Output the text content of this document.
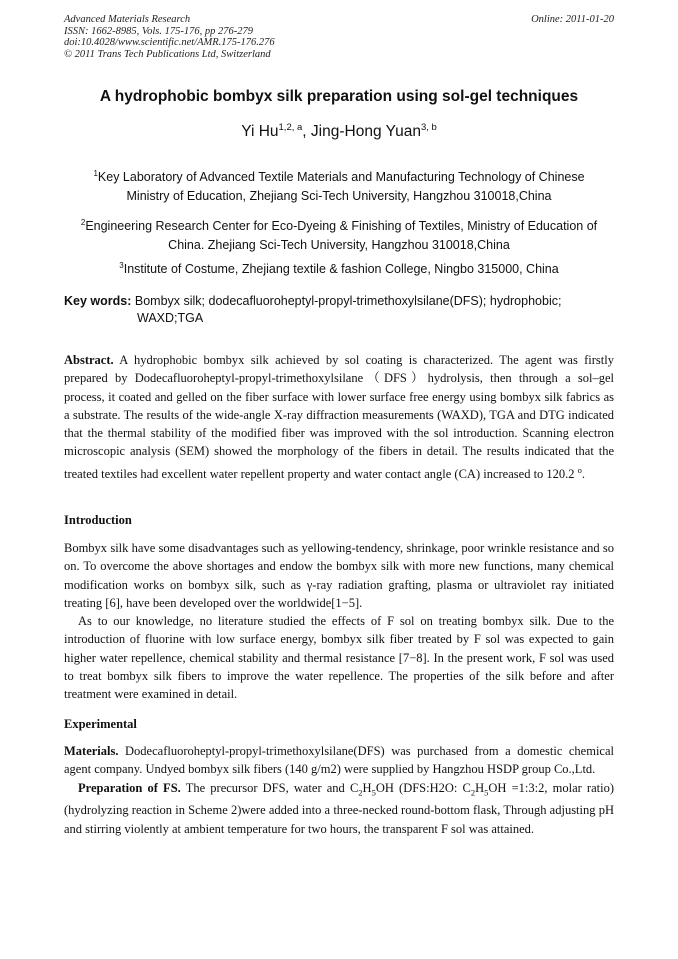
Advanced Materials Research
ISSN: 1662-8985, Vols. 175-176, pp 276-279
doi:10.4028/www.scientific.net/AMR.175-176.276
© 2011 Trans Tech Publications Ltd, Switzerland
Online: 2011-01-20
A hydrophobic bombyx silk preparation using sol-gel techniques
Yi Hu$^{1,2, a}$, Jing-Hong Yuan$^{3, b}$
$^1$Key Laboratory of Advanced Textile Materials and Manufacturing Technology of Chinese
Ministry of Education, Zhejiang Sci-Tech University, Hangzhou 310018,China
$^2$Engineering Research Center for Eco-Dyeing & Finishing of Textiles, Ministry of Education of
China. Zhejiang Sci-Tech University, Hangzhou 310018,China
$^3$Institute of Costume, Zhejiang textile & fashion College, Ningbo 315000, China
Key words: Bombyx silk; dodecafluoroheptyl-propyl-trimethoxylsilane(DFS); hydrophobic;
WAXD;TGA
Abstract. A hydrophobic bombyx silk achieved by sol coating is characterized. The agent was firstly prepared by Dodecafluoroheptyl-propyl-trimethoxylsilane（DFS）hydrolysis, then through a sol–gel process, it coated and gelled on the fiber surface with lower surface free energy using bombyx silk fabrics as a substrate. The results of the wide-angle X-ray diffraction measurements (WAXD), TGA and DTG indicated that the thermal stability of the modified fiber was improved with the sol introduction. Scanning electron microscopic analysis (SEM) showed the morphology of the fibers in detail. The results indicated that the treated textiles had excellent water repellent property and water contact angle (CA) increased to 120.2 $^o$.
Introduction

Bombyx silk have some disadvantages such as yellowing-tendency, shrinkage, poor wrinkle resistance and so on. To overcome the above shortages and endow the bombyx silk with more new functions, many chemical modification works on bombyx silk, such as γ-ray radiation grafting, plasma or ultraviolet ray initiated treating [6], have been developed over the worldwide[1−5].

As to our knowledge, no literature studied the effects of F sol on treating bombyx silk. Due to the introduction of fluorine with low surface energy, bombyx silk fiber treated by F sol was expected to gain higher water repellence, chemical stability and thermal resistance [7−8]. In the present work, F sol was used to treat bombyx silk fibers to improve the water repellence. The properties of the silk before and after treatment were examined in detail.

Experimental

Materials. Dodecafluoroheptyl-propyl-trimethoxylsilane(DFS) was purchased from a domestic chemical agent company. Undyed bombyx silk fibers (140 g/m2) were supplied by Hangzhou HSDP group Co.,Ltd.

Preparation of FS. The precursor DFS, water and $C_2H_5OH$ (DFS:H2O: $C_2H_5OH$ =1:3:2, molar ratio) (hydrolyzing reaction in Scheme 2)were added into a three-necked round-bottom flask, Through adjusting pH and stirring violently at ambient temperature for two hours, the transparent F sol was attained.
